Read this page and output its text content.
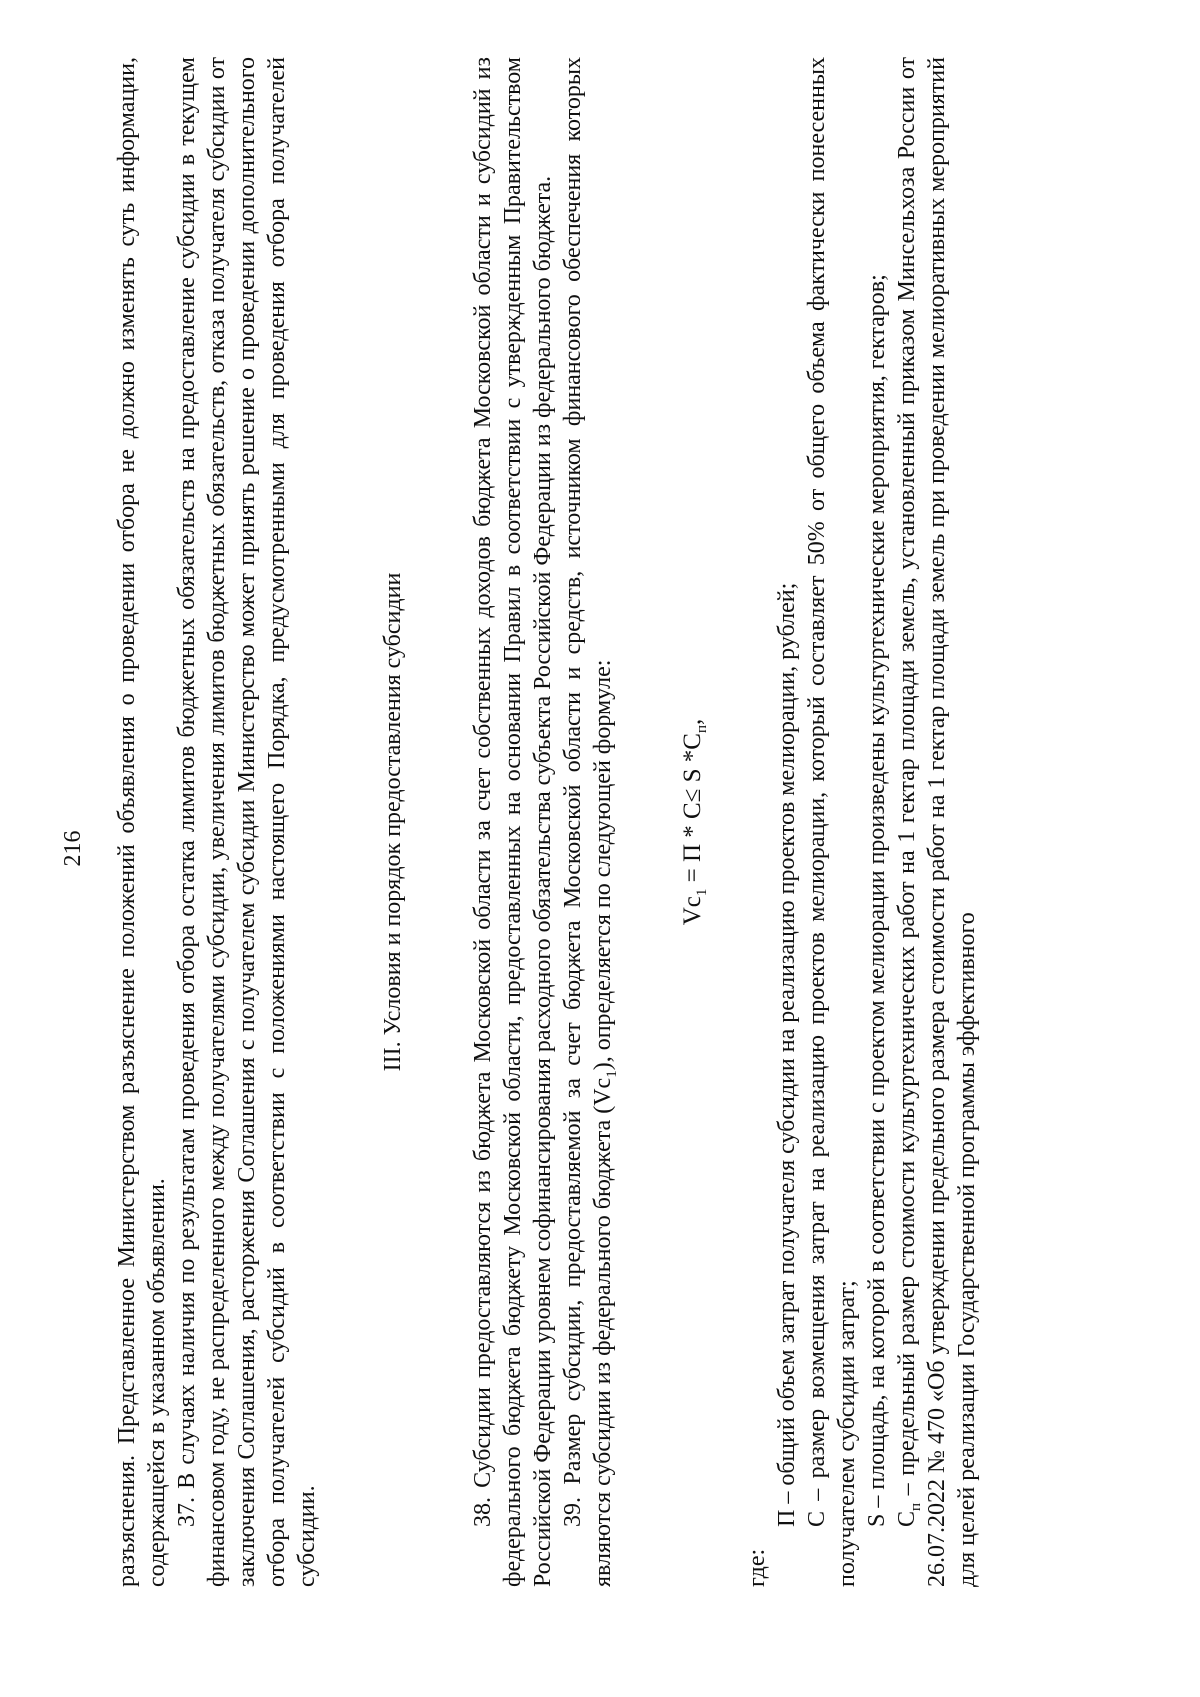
216 разъяснения. Представленное Министерством разъяснение положений объявления о проведении отбора не должно изменять суть информации, содержащейся в указанном объявлении. 37. В случаях наличия по результатам проведения отбора остатка лимитов бюджетных обязательств на предоставление субсидии в текущем финансовом году, не распределенного между получателями субсидии, увеличения лимитов бюджетных обязательств, отказа получателя субсидии от заключения Соглашения, расторжения Соглашения с получателем субсидии Министерство может принять решение о проведении дополнительного отбора получателей субсидий в соответствии с положениями настоящего Порядка, предусмотренными для проведения отбора получателей субсидии.

III. Условия и порядок предоставления субсидии	38. Субсидии предоставляются из бюджета Московской области за счет собственных доходов бюджета Московской области и субсидий из федерального бюджета бюджету Московской области, предоставленных на основании Правил в соответствии с утвержденным Правительством Российской Федерации уровнем софинансирования расходного обязательства субъекта Российской Федерации из федерального бюджета. 39. Размер субсидии, предоставляемой за счет бюджета Московской области и средств, источником финансового обеспечения которых являются субсидии из федерального бюджета $(Vc_1)$, определяется по следующей формуле:	$Vc_1 = П * С\le S$ $*С_п$,

где:

П – общий объем затрат получателя субсидии на реализацию проектов мелиорации, рублей; С – размер возмещения затрат на реализацию проектов мелиорации, который составляет 50% от общего объема фактически понесенных получателем субсидии затрат; S – площадь, на которой в соответствии с проектом мелиорации произведены культуртехнические мероприятия, гектаров; $С_п$ – предельный размер стоимости культуртехнических работ на 1 гектар площади земель, установленный приказом Минсельхоза России от 26.07.2022 № 470 «Об утверждении предельного размера стоимости работ на 1 гектар площади земель при проведении мелиоративных мероприятий для целей реализации Государственной программы эффективного
